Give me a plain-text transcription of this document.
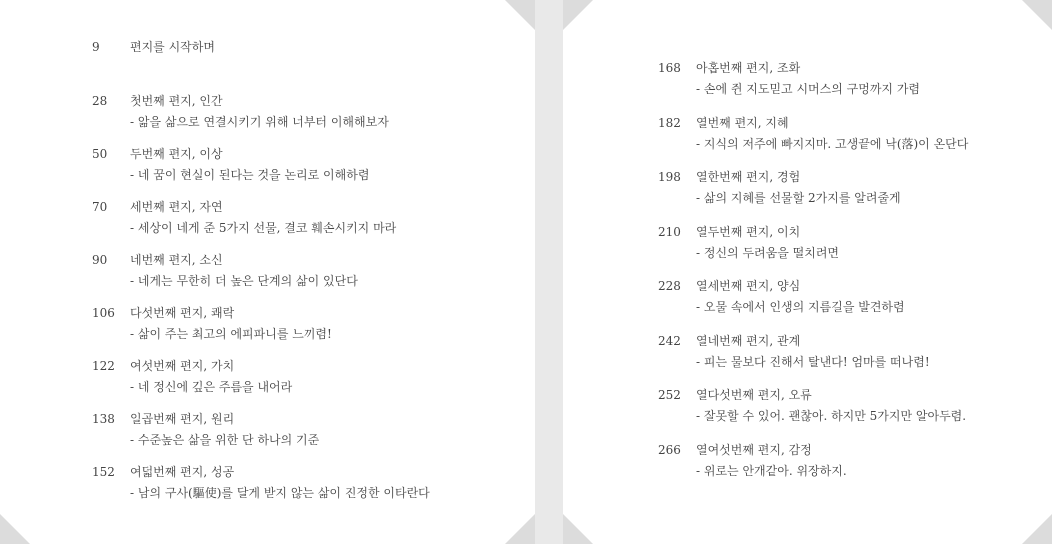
9	편지를 시작하며
28	첫번째 편지, 인간
- 앎을 삶으로 연결시키기 위해 너부터 이해해보자
50	두번째 편지, 이상
- 네 꿈이 현실이 된다는 것을 논리로 이해하렴
70	세번째 편지, 자연
- 세상이 네게 준 5가지 선물, 결코 훼손시키지 마라
90	네번째 편지, 소신
- 네게는 무한히 더 높은 단계의 삶이 있단다
106	다섯번째 편지, 쾌락
- 삶이 주는 최고의 에피파니를 느끼렴!
122	여섯번째 편지, 가치
- 네 정신에 깊은 주름을 내어라
138	일곱번째 편지, 원리
- 수준높은 삶을 위한 단 하나의 기준
152	여덟번째 편지, 성공
- 남의 구사(驅使)를 달게 받지 않는 삶이 진정한 이타란다
168	아홉번째 편지, 조화
- 손에 쥔 지도믿고 시머스의 구멍까지 가렴
182	열번째 편지, 지혜
- 지식의 저주에 빠지지마. 고생끝에 낙(落)이 온단다
198	열한번째 편지, 경험
- 삶의 지혜를 선물할 2가지를 알려줄게
210	열두번째 편지, 이치
- 정신의 두려움을 떨치려면
228	열세번째 편지, 양심
- 오물 속에서 인생의 지름길을 발견하렴
242	열네번째 편지, 관계
- 피는 물보다 진해서 탈낸다! 엄마를 떠나렴!
252	열다섯번째 편지, 오류
- 잘못할 수 있어. 괜찮아. 하지만 5가지만 알아두렴.
266	열여섯번째 편지, 감정
- 위로는 안개같아. 위장하지.
